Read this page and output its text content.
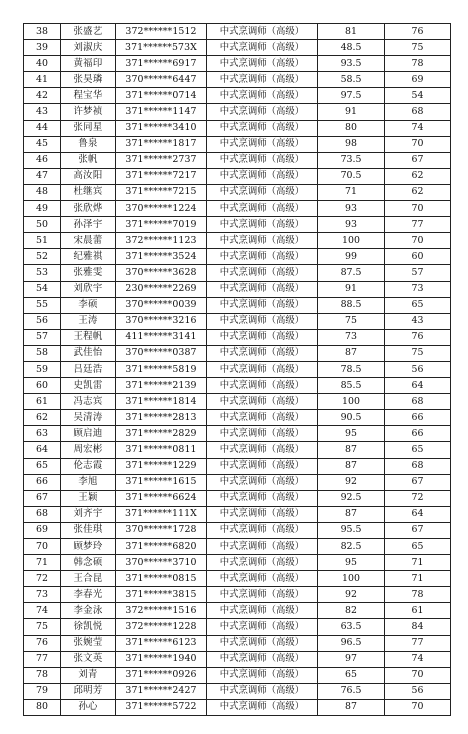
38	张盛艺	372******1512	中式烹调师（高级）	81	76
39	刘淑庆	371******573X	中式烹调师（高级）	48.5	75
40	黄福印	371******6917	中式烹调师（高级）	93.5	78
41	张昊璘	370******6447	中式烹调师（高级）	58.5	69
42	程宝华	371******0714	中式烹调师（高级）	97.5	54
43	许梦祯	371******1147	中式烹调师（高级）	91	68
44	张同星	371******3410	中式烹调师（高级）	80	74
45	鲁泉	371******1817	中式烹调师（高级）	98	70
46	张帆	371******2737	中式烹调师（高级）	73.5	67
47	高汝阳	371******7217	中式烹调师（高级）	70.5	62
48	杜继宾	371******7215	中式烹调师（高级）	71	62
49	张欣烨	370******1224	中式烹调师（高级）	93	70
50	孙泽宇	371******7019	中式烹调师（高级）	93	77
51	宋晨蕾	372******1123	中式烹调师（高级）	100	70
52	纪雅祺	371******3524	中式烹调师（高级）	99	60
53	张雅雯	370******3628	中式烹调师（高级）	87.5	57
54	刘欣宇	230******2269	中式烹调师（高级）	91	73
55	李硕	370******0039	中式烹调师（高级）	88.5	65
56	王涛	370******3216	中式烹调师（高级）	75	43
57	王程帆	411******3141	中式烹调师（高级）	73	76
58	武佳怡	370******0387	中式烹调师（高级）	87	75
59	吕廷浩	371******5819	中式烹调师（高级）	78.5	56
60	史凯雷	371******2139	中式烹调师（高级）	85.5	64
61	冯志宾	371******1814	中式烹调师（高级）	100	68
62	吴清涛	371******2813	中式烹调师（高级）	90.5	66
63	顾启迪	371******2829	中式烹调师（高级）	95	66
64	周宏彬	371******0811	中式烹调师（高级）	87	65
65	伦志霞	371******1229	中式烹调师（高级）	87	68
66	李旭	371******1615	中式烹调师（高级）	92	67
67	王颖	371******6624	中式烹调师（高级）	92.5	72
68	刘齐宇	371******111X	中式烹调师（高级）	87	64
69	张佳琪	370******1728	中式烹调师（高级）	95.5	67
70	顾梦玲	371******6820	中式烹调师（高级）	82.5	65
71	韩念硕	370******3710	中式烹调师（高级）	95	71
72	王合昆	371******0815	中式烹调师（高级）	100	71
73	李春光	371******3815	中式烹调师（高级）	92	78
74	李金泳	372******1516	中式烹调师（高级）	82	61
75	徐凯悦	372******1228	中式烹调师（高级）	63.5	84
76	张婉莹	371******6123	中式烹调师（高级）	96.5	77
77	张文英	371******1940	中式烹调师（高级）	97	74
78	刘青	371******0926	中式烹调师（高级）	65	70
79	邱明芳	371******2427	中式烹调师（高级）	76.5	56
80	孙心	371******5722	中式烹调师（高级）	87	70
